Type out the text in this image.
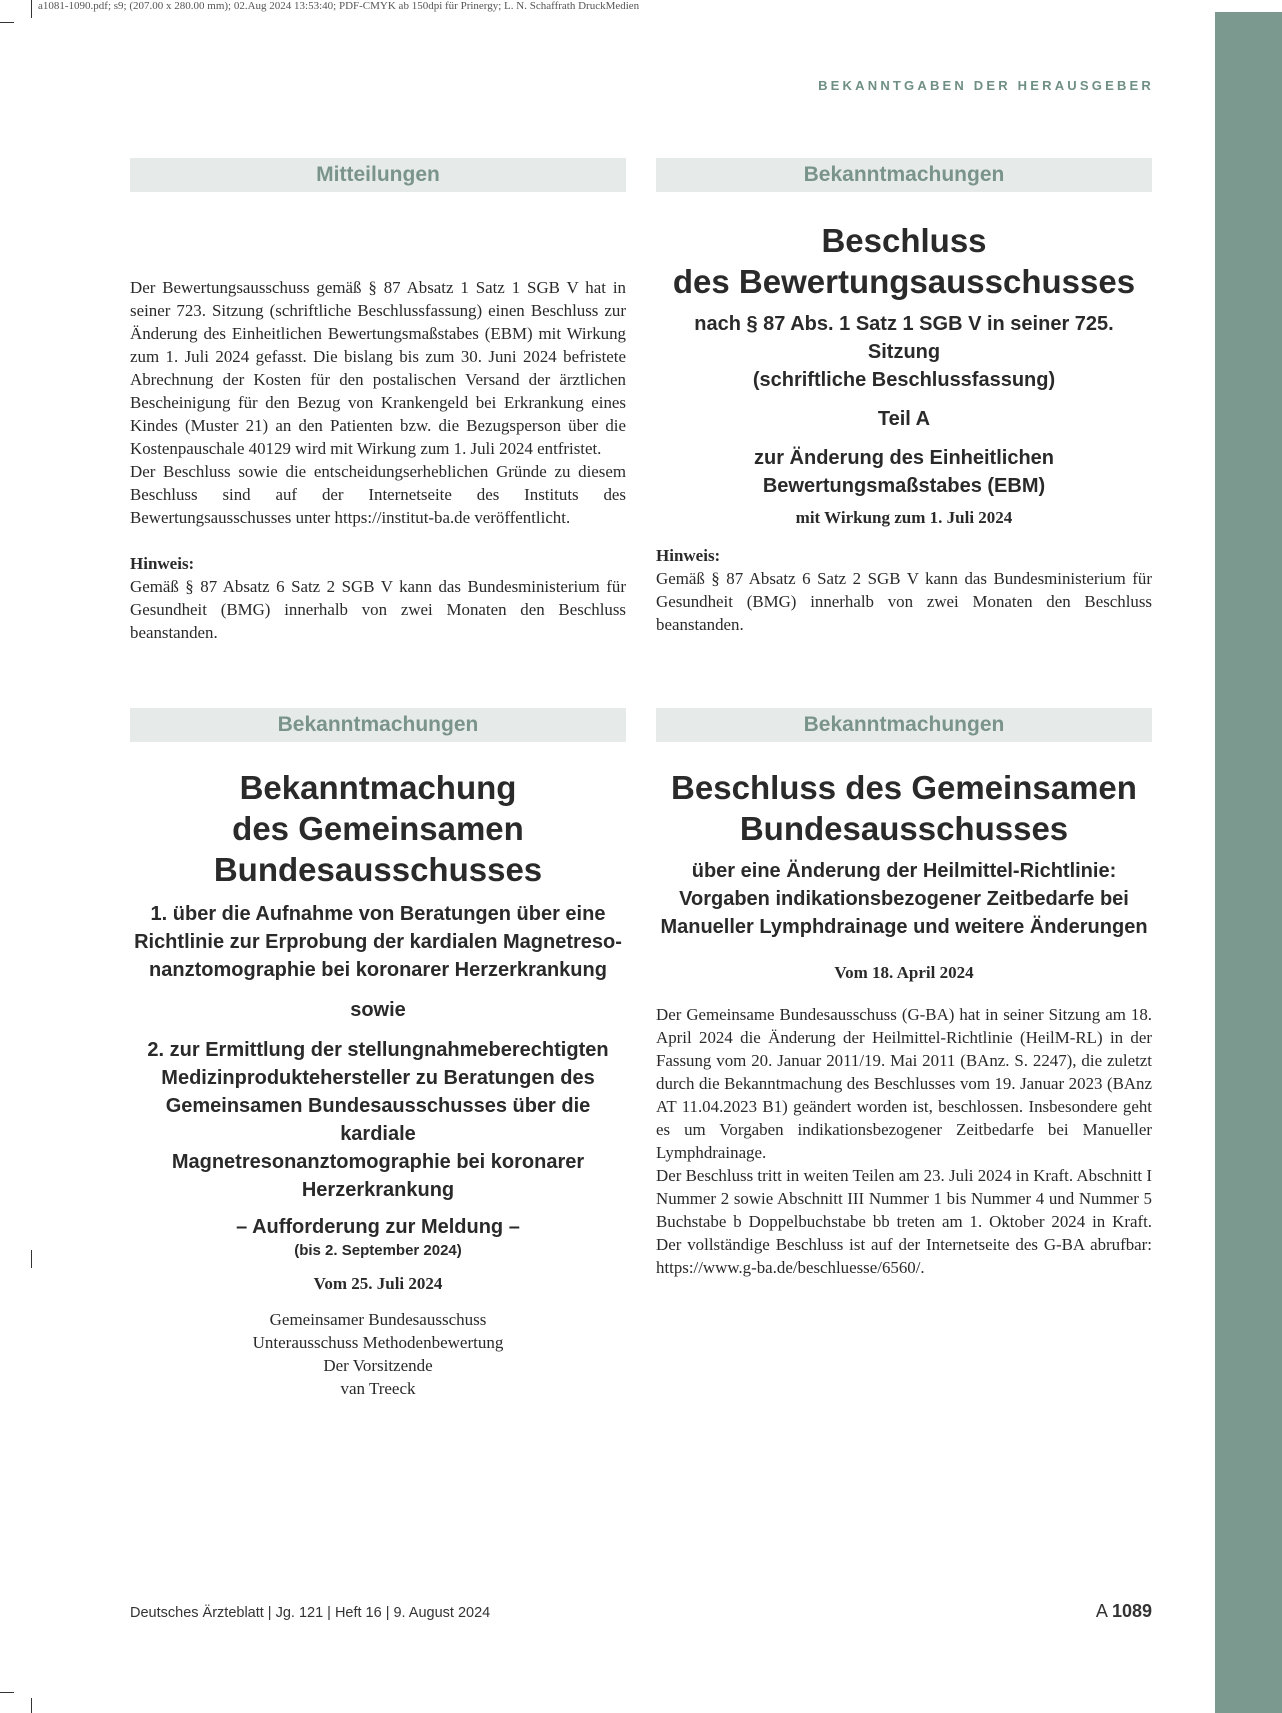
a1081-1090.pdf; s9; (207.00 x 280.00 mm); 02.Aug 2024 13:53:40; PDF-CMYK ab 150dpi für Prinergy; L. N. Schaffrath DruckMedien
BEKANNTGABEN DER HERAUSGEBER
Mitteilungen

Der Bewertungsausschuss gemäß § 87 Absatz 1 Satz 1 SGB V hat in seiner 723. Sitzung (schriftliche Beschlussfassung) einen Beschluss zur Änderung des Einheitlichen Bewertungsmaßstabes (EBM) mit Wirkung zum 1. Juli 2024 gefasst. Die bislang bis zum 30. Juni 2024 befristete Abrechnung der Kosten für den postalischen Versand der ärztlichen Bescheinigung für den Bezug von Krankengeld bei Erkrankung eines Kindes (Muster 21) an den Patienten bzw. die Bezugsperson über die Kostenpauschale 40129 wird mit Wirkung zum 1. Juli 2024 entfristet.

Der Beschluss sowie die entscheidungserheblichen Gründe zu diesem Beschluss sind auf der Internetseite des Instituts des Bewertungsausschusses unter https://institut-ba.de veröffentlicht.

Hinweis:

Gemäß § 87 Absatz 6 Satz 2 SGB V kann das Bundesministerium für Gesundheit (BMG) innerhalb von zwei Monaten den Beschluss beanstanden.

Bekanntmachungen

Beschluss

des Bewertungsausschusses

nach § 87 Abs. 1 Satz 1 SGB V in seiner 725. Sitzung

(schriftliche Beschlussfassung)

Teil A

zur Änderung des Einheitlichen

Bewertungsmaßstabes (EBM)

mit Wirkung zum 1. Juli 2024

Hinweis:

Gemäß § 87 Absatz 6 Satz 2 SGB V kann das Bundesministerium für Gesundheit (BMG) innerhalb von zwei Monaten den Beschluss beanstanden.

Bekanntmachungen

Bekanntmachung

des Gemeinsamen

Bundesausschusses

1. über die Aufnahme von Beratungen über eine

Richtlinie zur Erprobung der kardialen Magnetreso-

nanztomographie bei koronarer Herzerkrankung

sowie

2. zur Ermittlung der stellungnahmeberechtigten

Medizinproduktehersteller zu Beratungen des

Gemeinsamen Bundesausschusses über die kardiale

Magnetresonanztomographie bei koronarer

Herzerkrankung

– Aufforderung zur Meldung –

(bis 2. September 2024)

Vom 25. Juli 2024

Gemeinsamer Bundesausschuss

Unterausschuss Methodenbewertung

Der Vorsitzende

van Treeck

Bekanntmachungen

Beschluss des Gemeinsamen

Bundesausschusses

über eine Änderung der Heilmittel-Richtlinie:

Vorgaben indikationsbezogener Zeitbedarfe bei

Manueller Lymphdrainage und weitere Änderungen

Vom 18. April 2024

Der Gemeinsame Bundesausschuss (G-BA) hat in seiner Sitzung am 18. April 2024 die Änderung der Heilmittel-Richtlinie (HeilM-RL) in der Fassung vom 20. Januar 2011/19. Mai 2011 (BAnz. S. 2247), die zuletzt durch die Bekanntmachung des Beschlusses vom 19. Januar 2023 (BAnz AT 11.04.2023 B1) geändert worden ist, beschlossen. Insbesondere geht es um Vorgaben indikationsbezogener Zeitbedarfe bei Manueller Lymphdrainage.

Der Beschluss tritt in weiten Teilen am 23. Juli 2024 in Kraft. Abschnitt I Nummer 2 sowie Abschnitt III Nummer 1 bis Nummer 4 und Nummer 5 Buchstabe b Doppelbuchstabe bb treten am 1. Oktober 2024 in Kraft. Der vollständige Beschluss ist auf der Internetseite des G-BA abrufbar: https://www.g-ba.de/beschluesse/6560/.

Deutsches Ärzteblatt | Jg. 121 | Heft 16 | 9. August 2024	A 1089
